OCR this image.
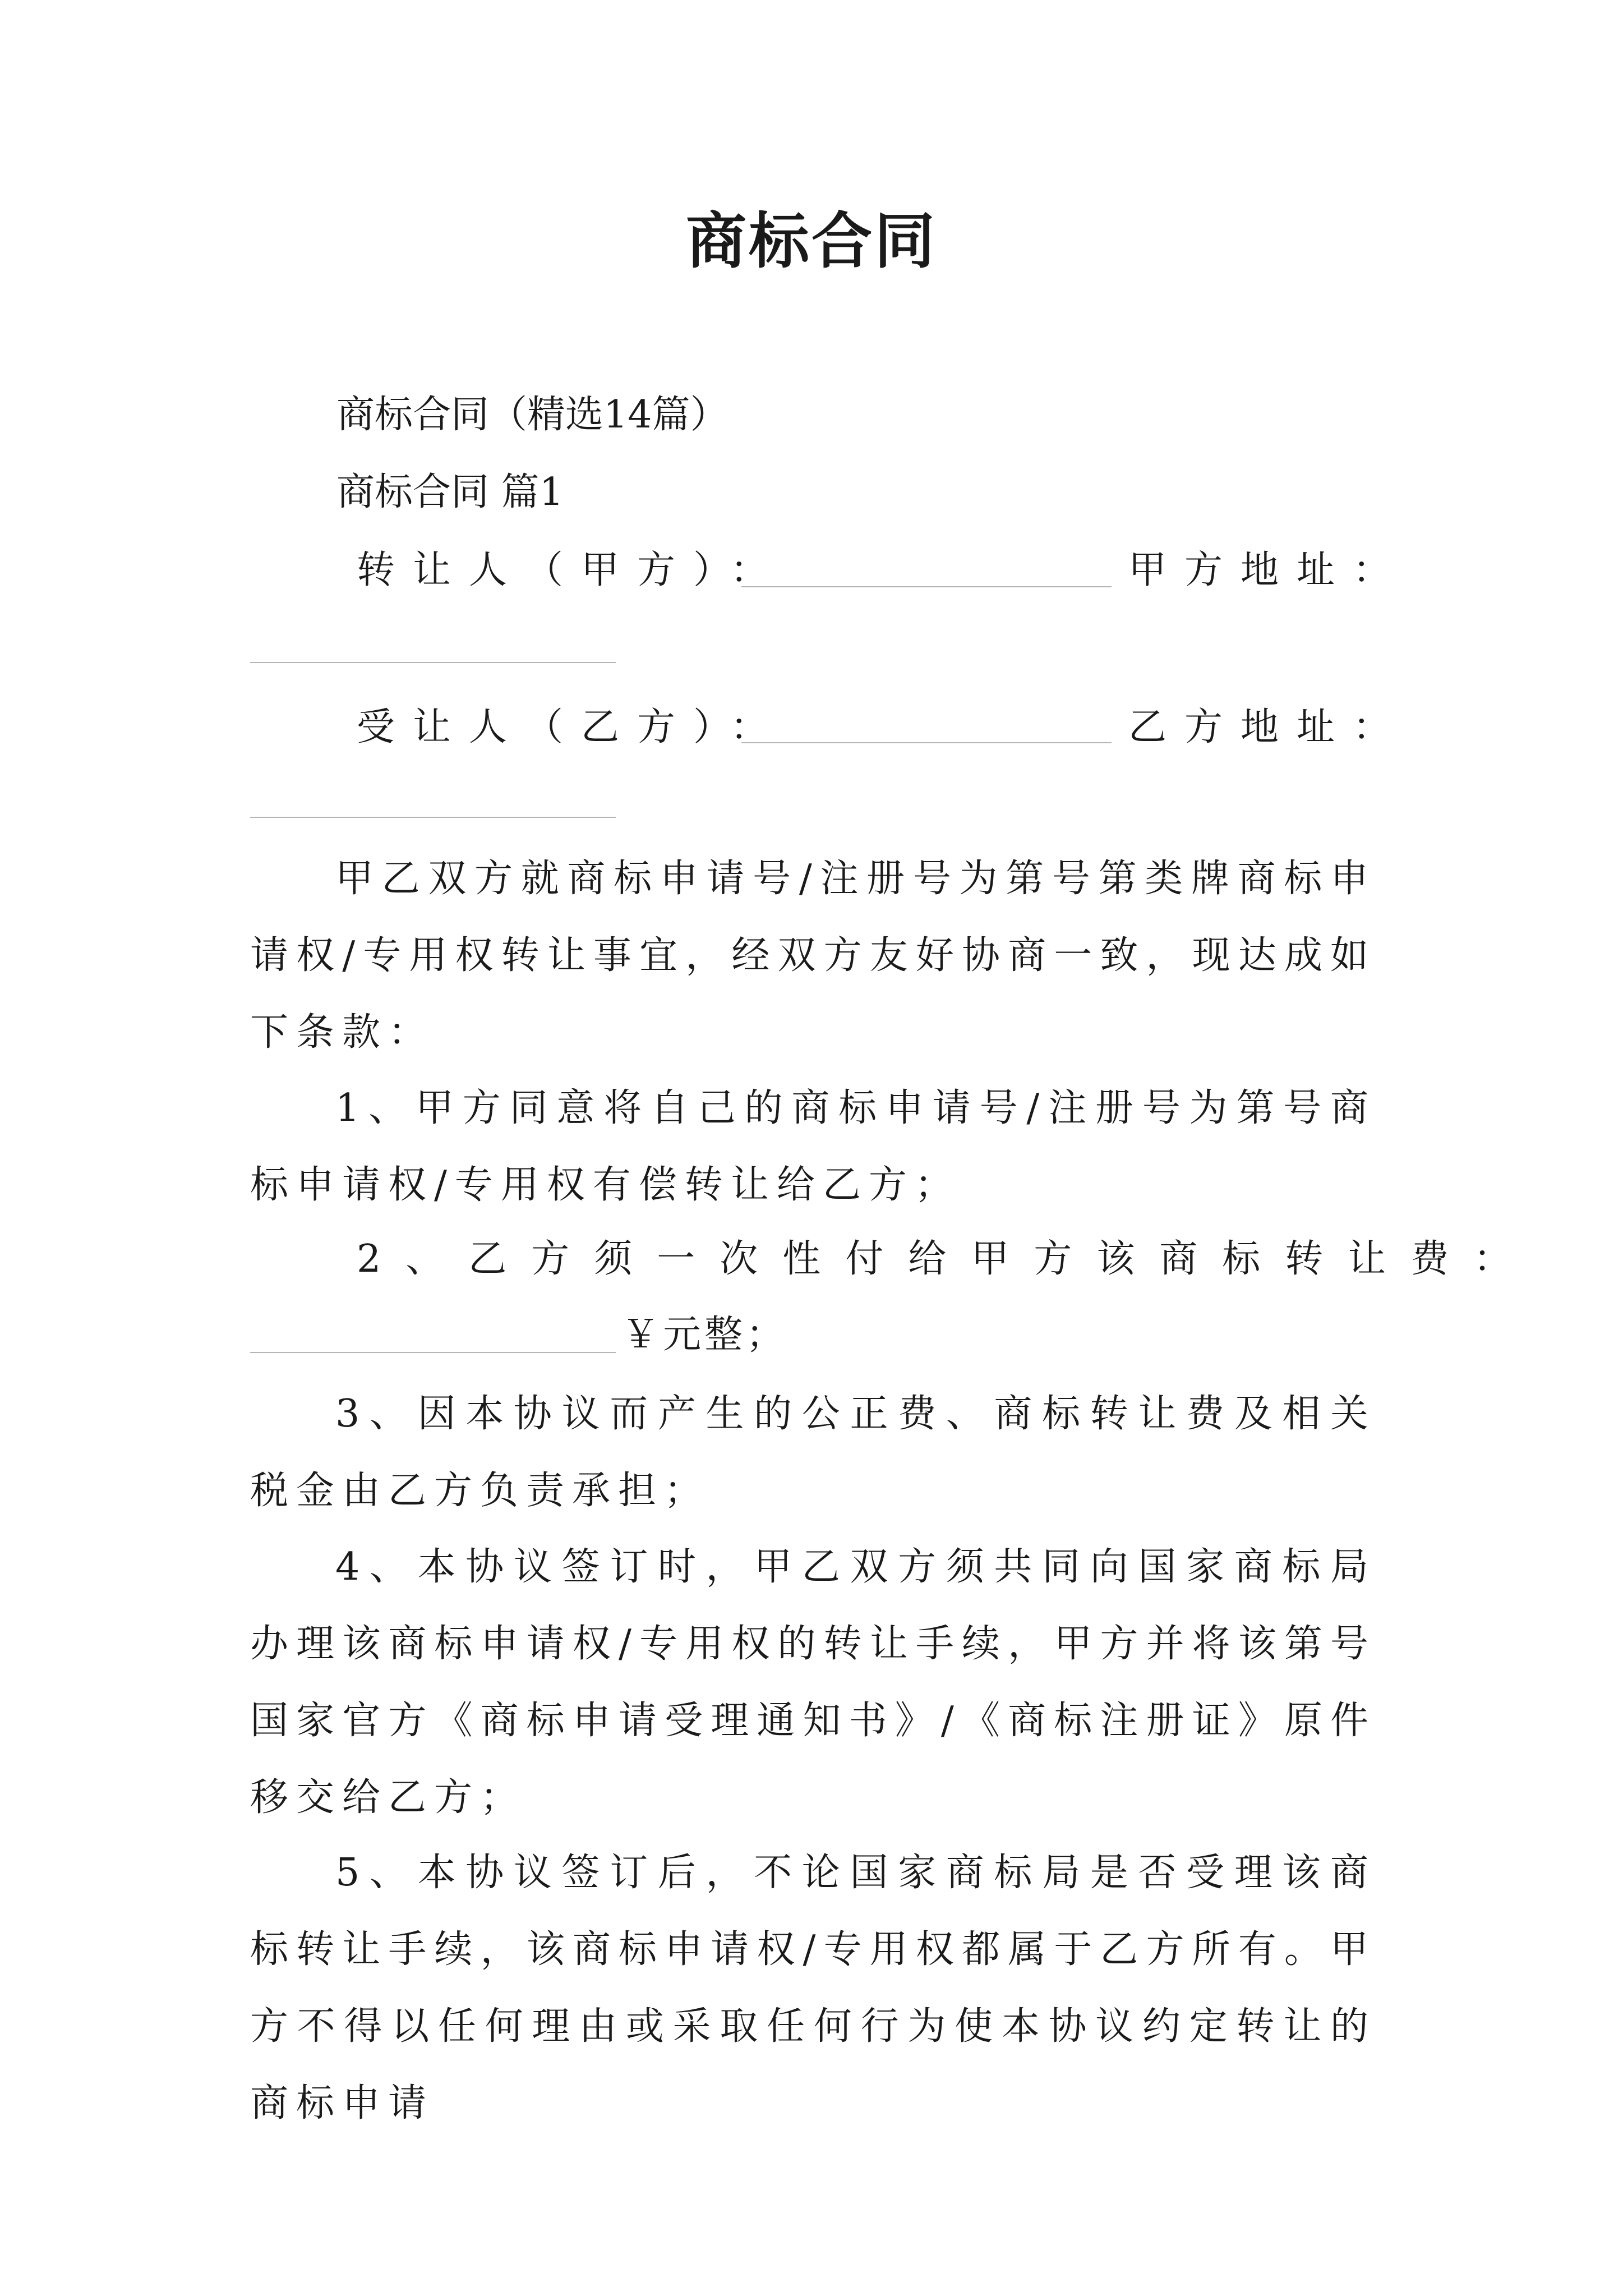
商标合同
商标合同（精选14篇）
商标合同 篇1
转让人（甲方）：	甲方地址：
受让人（乙方）：	乙方地址：
甲乙双方就商标申请号/注册号为第号第类牌商标申请权/专用权转让事宜，经双方友好协商一致，现达成如下条款：
1、甲方同意将自己的商标申请号/注册号为第号商标申请权/专用权有偿转让给乙方；
2、乙方须一次性付给甲方该商标转让费：
￥元整；
3、因本协议而产生的公正费、商标转让费及相关税金由乙方负责承担；
4、本协议签订时，甲乙双方须共同向国家商标局办理该商标申请权/专用权的转让手续，甲方并将该第号国家官方《商标申请受理通知书》/《商标注册证》原件移交给乙方；
5、本协议签订后，不论国家商标局是否受理该商标转让手续，该商标申请权/专用权都属于乙方所有。甲方不得以任何理由或采取任何行为使本协议约定转让的商标申请
